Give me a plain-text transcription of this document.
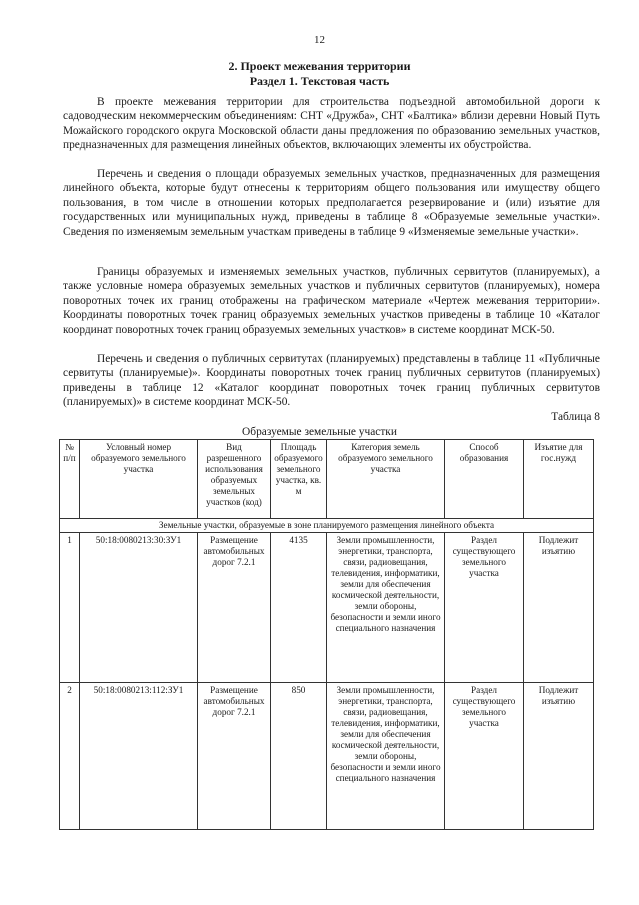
12
2. Проект межевания территории
Раздел 1. Текстовая часть

В проекте межевания территории для строительства подъездной автомобильной дороги к садоводческим некоммерческим объединениям: СНТ «Дружба», СНТ «Балтика» вблизи деревни Новый Путь Можайского городского округа Московской области даны предложения по образованию земельных участков, предназначенных для размещения линейных объектов, включающих элементы их обустройства.

Перечень и сведения о площади образуемых земельных участков, предназначенных для размещения линейного объекта, которые будут отнесены к территориям общего пользования или имуществу общего пользования, в том числе в отношении которых предполагается резервирование и (или) изъятие для государственных или муниципальных нужд, приведены в таблице 8 «Образуемые земельные участки». Сведения по изменяемым земельным участкам приведены в таблице 9 «Изменяемые земельные участки».

Границы образуемых и изменяемых земельных участков, публичных сервитутов (планируемых), а также условные номера образуемых земельных участков и публичных сервитутов (планируемых), номера поворотных точек их границ отображены на графическом материале «Чертеж межевания территории». Координаты поворотных точек границ образуемых земельных участков приведены в таблице 10 «Каталог координат поворотных точек границ образуемых земельных участков» в системе координат МСК-50.

Перечень и сведения о публичных сервитутах (планируемых) представлены в таблице 11 «Публичные сервитуты (планируемые)». Координаты поворотных точек границ публичных сервитутов (планируемых) приведены в таблице 12 «Каталог координат поворотных точек границ публичных сервитутов (планируемых)» в системе координат МСК-50.

Таблица 8
Образуемые земельные участки
№ п/п	Условный номер образуемого земельного участка	Вид разрешенного использования образуемых земельных участков (код)	Площадь образуемого земельного участка, кв. м	Категория земель образуемого земельного участка	Способ образования	Изъятие для гос.нужд
Земельные участки, образуемые в зоне планируемого размещения линейного объекта						
1	50:18:0080213:30:ЗУ1	Размещение автомобильных дорог 7.2.1	4135	Земли промышленности, энергетики, транспорта, связи, радиовещания, телевидения, информатики, земли для обеспечения космической деятельности, земли обороны, безопасности и земли иного специального назначения	Раздел существующего земельного участка	Подлежит изъятию
2	50:18:0080213:112:ЗУ1	Размещение автомобильных дорог 7.2.1	850	Земли промышленности, энергетики, транспорта, связи, радиовещания, телевидения, информатики, земли для обеспечения космической деятельности, земли обороны, безопасности и земли иного специального назначения	Раздел существующего земельного участка	Подлежит изъятию
